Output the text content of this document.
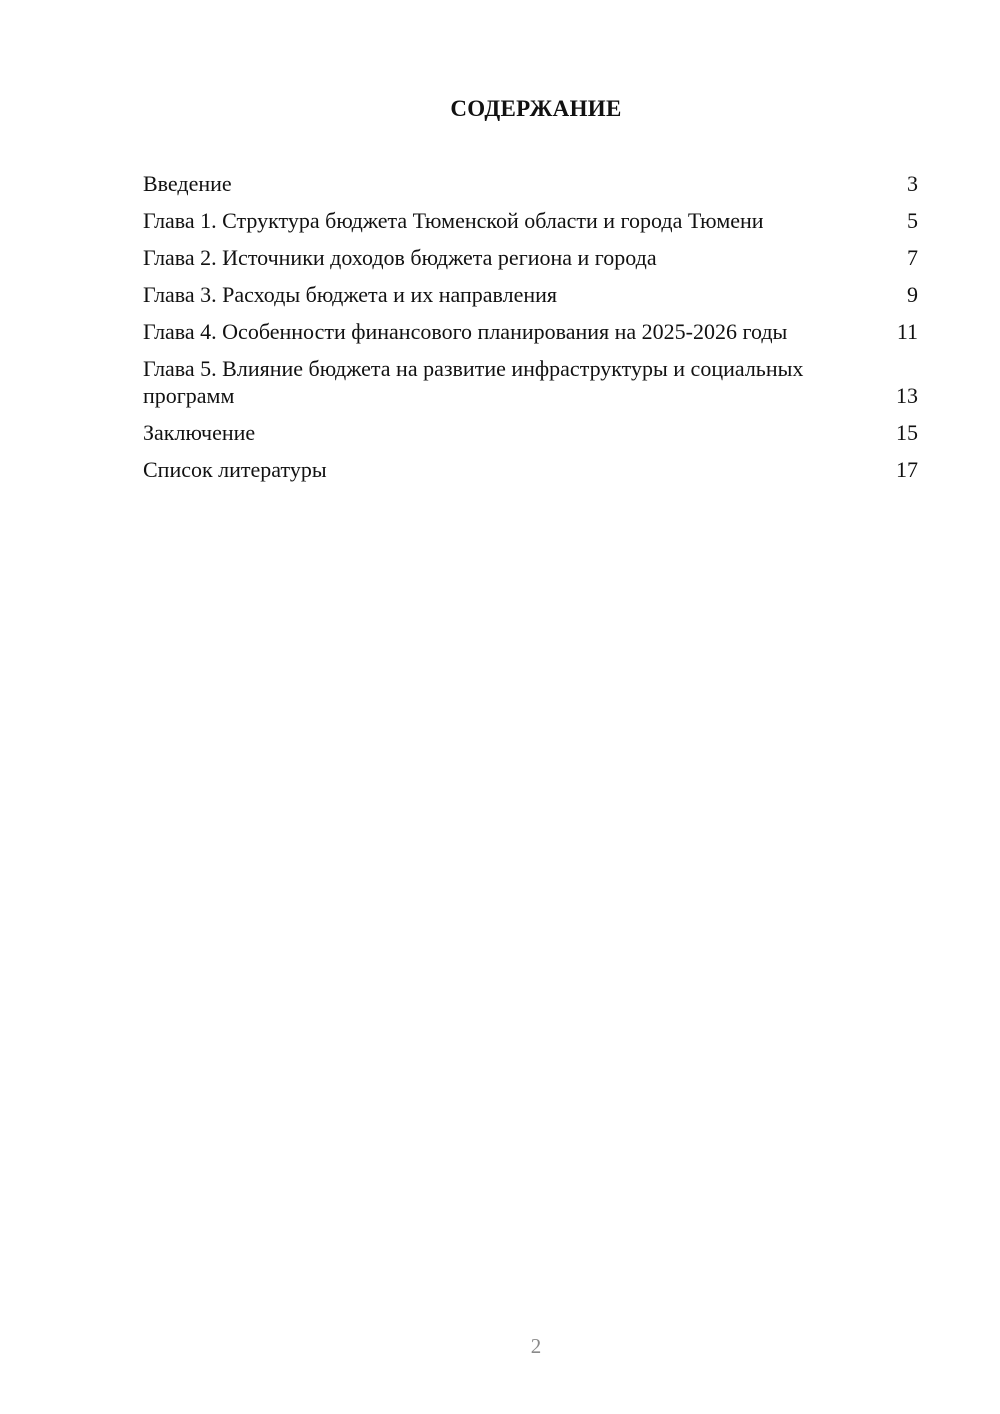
СОДЕРЖАНИЕ
Введение	3
Глава 1. Структура бюджета Тюменской области и города Тюмени	5
Глава 2. Источники доходов бюджета региона и города	7
Глава 3. Расходы бюджета и их направления	9
Глава 4. Особенности финансового планирования на 2025-2026 годы	11
Глава 5. Влияние бюджета на развитие инфраструктуры и социальных программ	13
Заключение	15
Список литературы	17
2
